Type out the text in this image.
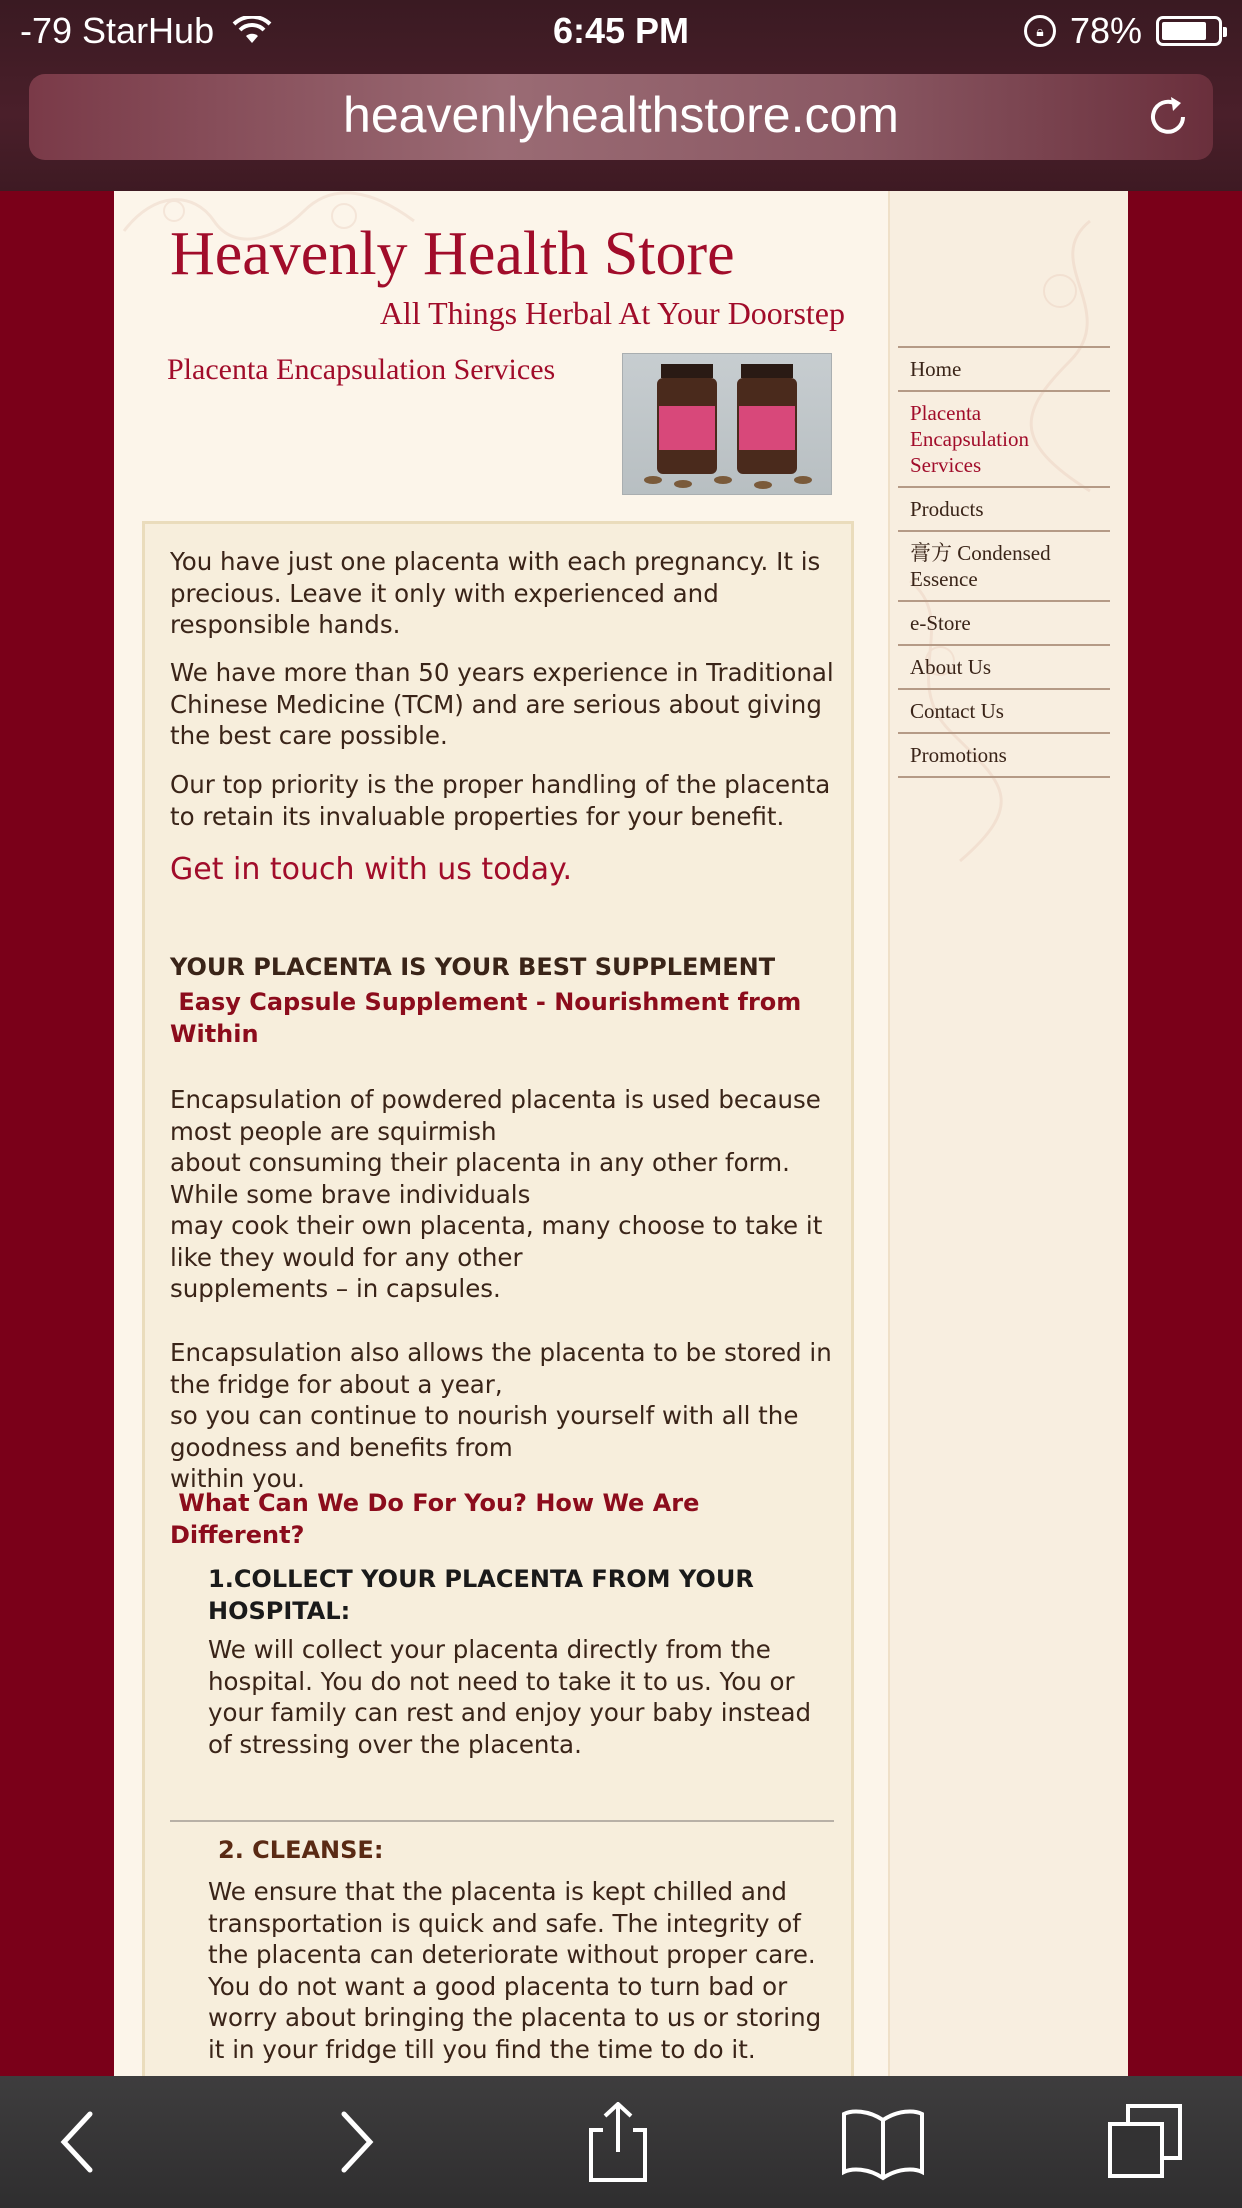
-79 StarHub	6:45 PM	🔒︎ 78%
heavenlyhealthstore.com
Heavenly Health Store
All Things Herbal At Your Doorstep
Placenta Encapsulation Services

You have just one placenta with each pregnancy. It is precious. Leave it only with experienced and responsible hands.

We have more than 50 years experience in Traditional Chinese Medicine (TCM) and are serious about giving the best care possible.

Our top priority is the proper handling of the placenta to retain its invaluable properties for your benefit.

Get in touch with us today.

YOUR PLACENTA IS YOUR BEST SUPPLEMENT

Easy Capsule Supplement - Nourishment from Within

Encapsulation of powdered placenta is used because most people are squirmish
about consuming their placenta in any other form. While some brave individuals
may cook their own placenta, many choose to take it like they would for any other
supplements – in capsules.
Encapsulation also allows the placenta to be stored in the fridge for about a year,
so you can continue to nourish yourself with all the goodness and benefits from
within you.

What Can We Do For You? How We Are Different?

1.COLLECT YOUR PLACENTA FROM YOUR HOSPITAL:

We will collect your placenta directly from the hospital. You do not need to take it to us. You or your family can rest and enjoy your baby instead of stressing over the placenta.

2. CLEANSE:

We ensure that the placenta is kept chilled and transportation is quick and safe. The integrity of the placenta can deteriorate without proper care. You do not want a good placenta to turn bad or worry about bringing the placenta to us or storing it in your fridge till you find the time to do it.

Home
Placenta Encapsulation Services
Products
膏方 Condensed Essence
e-Store
About Us
Contact Us
Promotions
